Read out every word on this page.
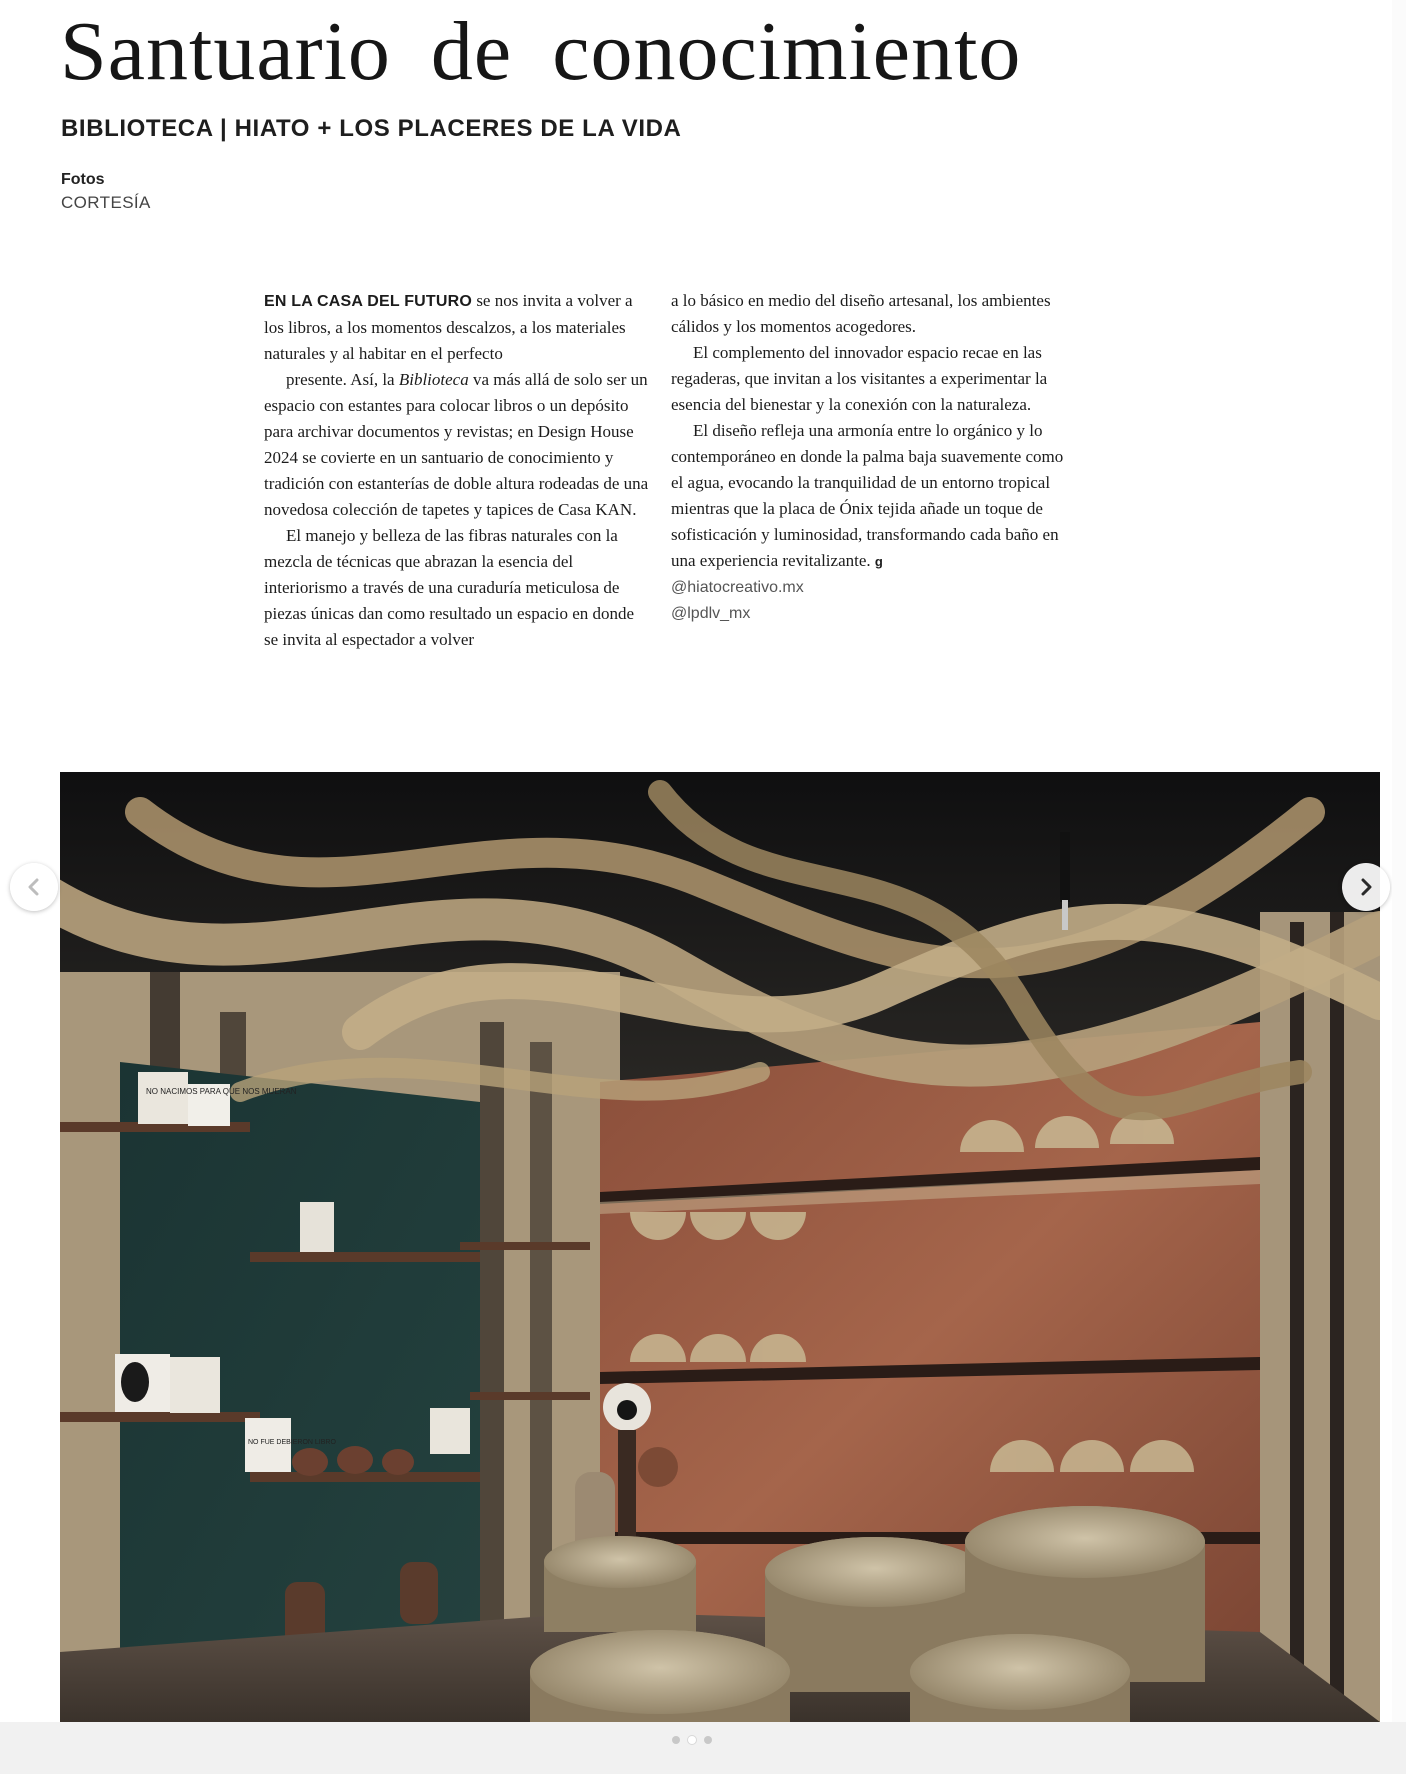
Santuario de conocimiento
BIBLIOTECA | HIATO + LOS PLACERES DE LA VIDA
Fotos
CORTESÍA

EN LA CASA DEL FUTURO se nos invita a volver a los libros, a los momentos descalzos, a los materiales naturales y al habitar en el perfecto

presente. Así, la Biblioteca va más allá de solo ser un espacio con estantes para colocar libros o un depósito para archivar documentos y revistas; en Design House 2024 se covierte en un santuario de conocimiento y tradición con estanterías de doble altura rodeadas de una novedosa colección de tapetes y tapices de Casa KAN.

El manejo y belleza de las fibras naturales con la mezcla de técnicas que abrazan la esencia del interiorismo a través de una curaduría meticulosa de piezas únicas dan como resultado un espacio en donde se invita al espectador a volver

a lo básico en medio del diseño artesanal, los ambientes cálidos y los momentos acogedores.

El complemento del innovador espacio recae en las regaderas, que invitan a los visitantes a experimentar la esencia del bienestar y la conexión con la naturaleza.

El diseño refleja una armonía entre lo orgánico y lo contemporáneo en donde la palma baja suavemente como el agua, evocando la tranquilidad de un entorno tropical mientras que la placa de Ónix tejida añade un toque de sofisticación y luminosidad, transformando cada baño en una experiencia revitalizante. g

@hiatocreativo.mx
@lpdlv_mx
NO NACIMOS PARA QUE NOS MUERAN
NO FUE DEBIERON LIBRO
